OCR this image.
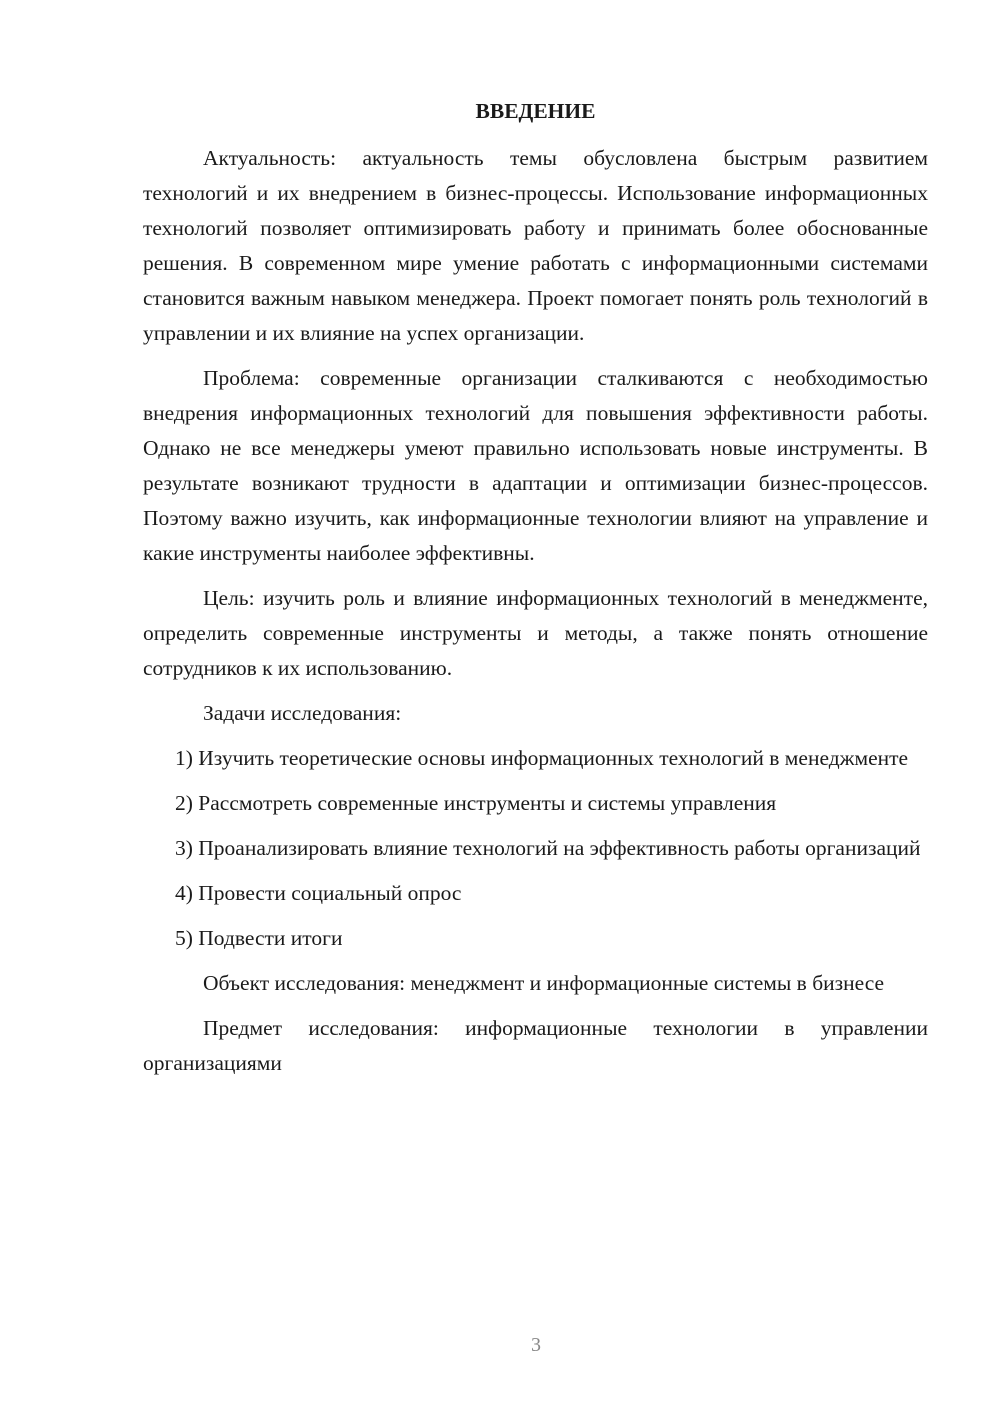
ВВЕДЕНИЕ

Актуальность: актуальность темы обусловлена быстрым развитием технологий и их внедрением в бизнес-процессы. Использование информационных технологий позволяет оптимизировать работу и принимать более обоснованные решения. В современном мире умение работать с информационными системами становится важным навыком менеджера. Проект помогает понять роль технологий в управлении и их влияние на успех организации.

Проблема: современные организации сталкиваются с необходимостью внедрения информационных технологий для повышения эффективности работы. Однако не все менеджеры умеют правильно использовать новые инструменты. В результате возникают трудности в адаптации и оптимизации бизнес-процессов. Поэтому важно изучить, как информационные технологии влияют на управление и какие инструменты наиболее эффективны.

Цель: изучить роль и влияние информационных технологий в менеджменте, определить современные инструменты и методы, а также понять отношение сотрудников к их использованию.

Задачи исследования:

1) Изучить теоретические основы информационных технологий в менеджменте

2) Рассмотреть современные инструменты и системы управления

3) Проанализировать влияние технологий на эффективность работы организаций

4) Провести социальный опрос

5) Подвести итоги

Объект исследования: менеджмент и информационные системы в бизнесе

Предмет исследования: информационные технологии в управлении организациями

3
